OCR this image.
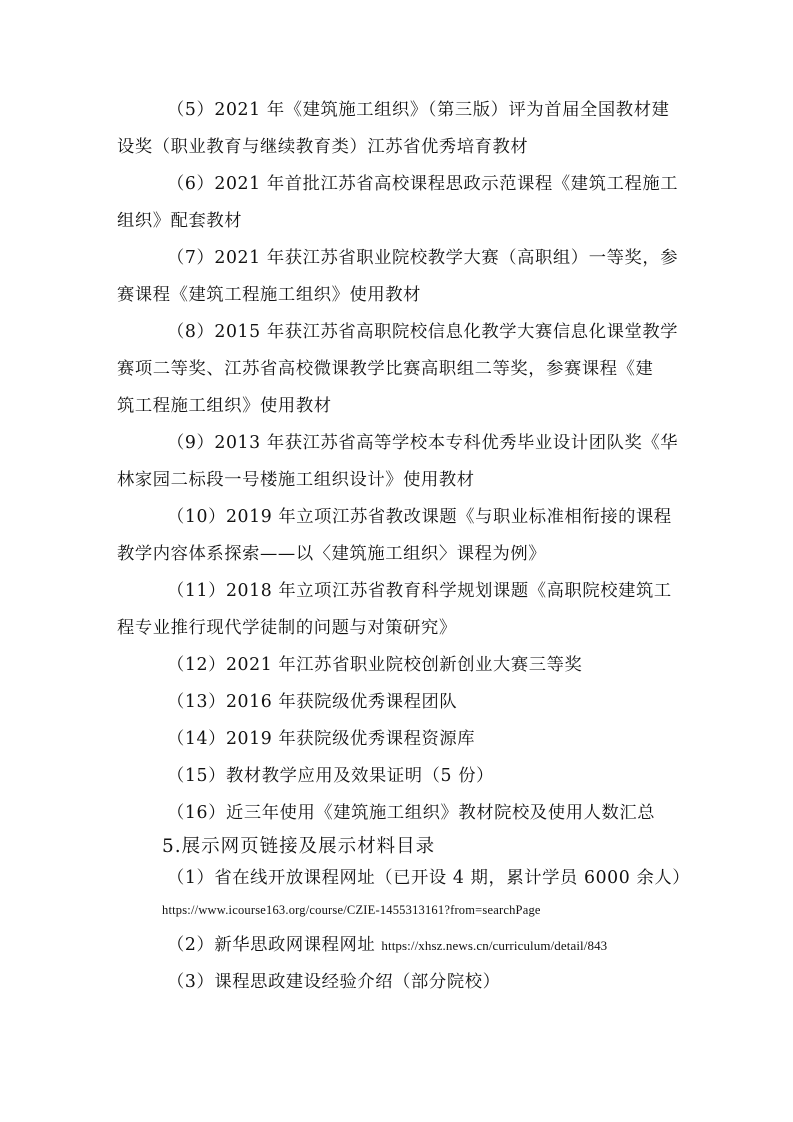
（5）2021 年《建筑施工组织》（第三版）评为首届全国教材建
设奖（职业教育与继续教育类）江苏省优秀培育教材
（6）2021 年首批江苏省高校课程思政示范课程《建筑工程施工
组织》配套教材
（7）2021 年获江苏省职业院校教学大赛（高职组）一等奖，参
赛课程《建筑工程施工组织》使用教材
（8）2015 年获江苏省高职院校信息化教学大赛信息化课堂教学
赛项二等奖、江苏省高校微课教学比赛高职组二等奖，参赛课程《建
筑工程施工组织》使用教材
（9）2013 年获江苏省高等学校本专科优秀毕业设计团队奖《华
林家园二标段一号楼施工组织设计》使用教材
（10）2019 年立项江苏省教改课题《与职业标准相衔接的课程
教学内容体系探索——以〈建筑施工组织〉课程为例》
（11）2018 年立项江苏省教育科学规划课题《高职院校建筑工
程专业推行现代学徒制的问题与对策研究》
（12）2021 年江苏省职业院校创新创业大赛三等奖
（13）2016 年获院级优秀课程团队
（14）2019 年获院级优秀课程资源库
（15）教材教学应用及效果证明（5 份）
（16）近三年使用《建筑施工组织》教材院校及使用人数汇总
5.展示网页链接及展示材料目录
（1）省在线开放课程网址（已开设 4 期，累计学员 6000 余人）
https://www.icourse163.org/course/CZIE-1455313161?from=searchPage
（2）新华思政网课程网址 https://xhsz.news.cn/curriculum/detail/843
（3）课程思政建设经验介绍（部分院校）
